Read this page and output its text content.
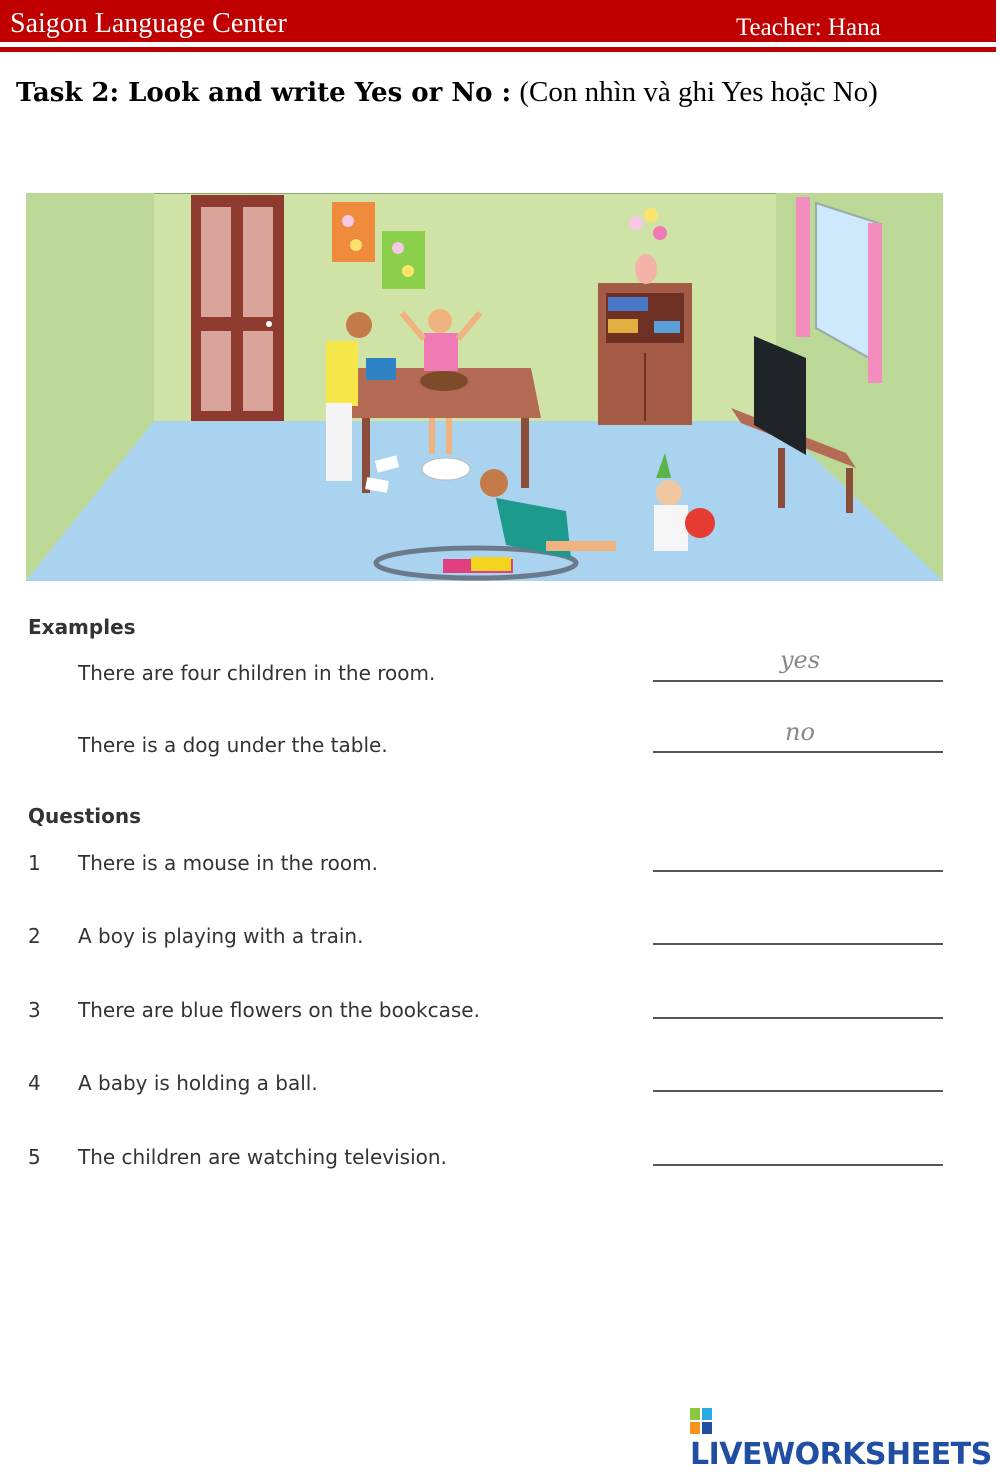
Saigon Language Center	Teacher: Hana
Task 2: Look and write Yes or No : (Con nhìn và ghi Yes hoặc No)
Examples
There are four children in the room.
yes
There is a dog under the table.
no
Questions
1 There is a mouse in the room.
2 A boy is playing with a train.
3 There are blue flowers on the bookcase.
4 A baby is holding a ball.
5 The children are watching television.
LIVEWORKSHEETS
